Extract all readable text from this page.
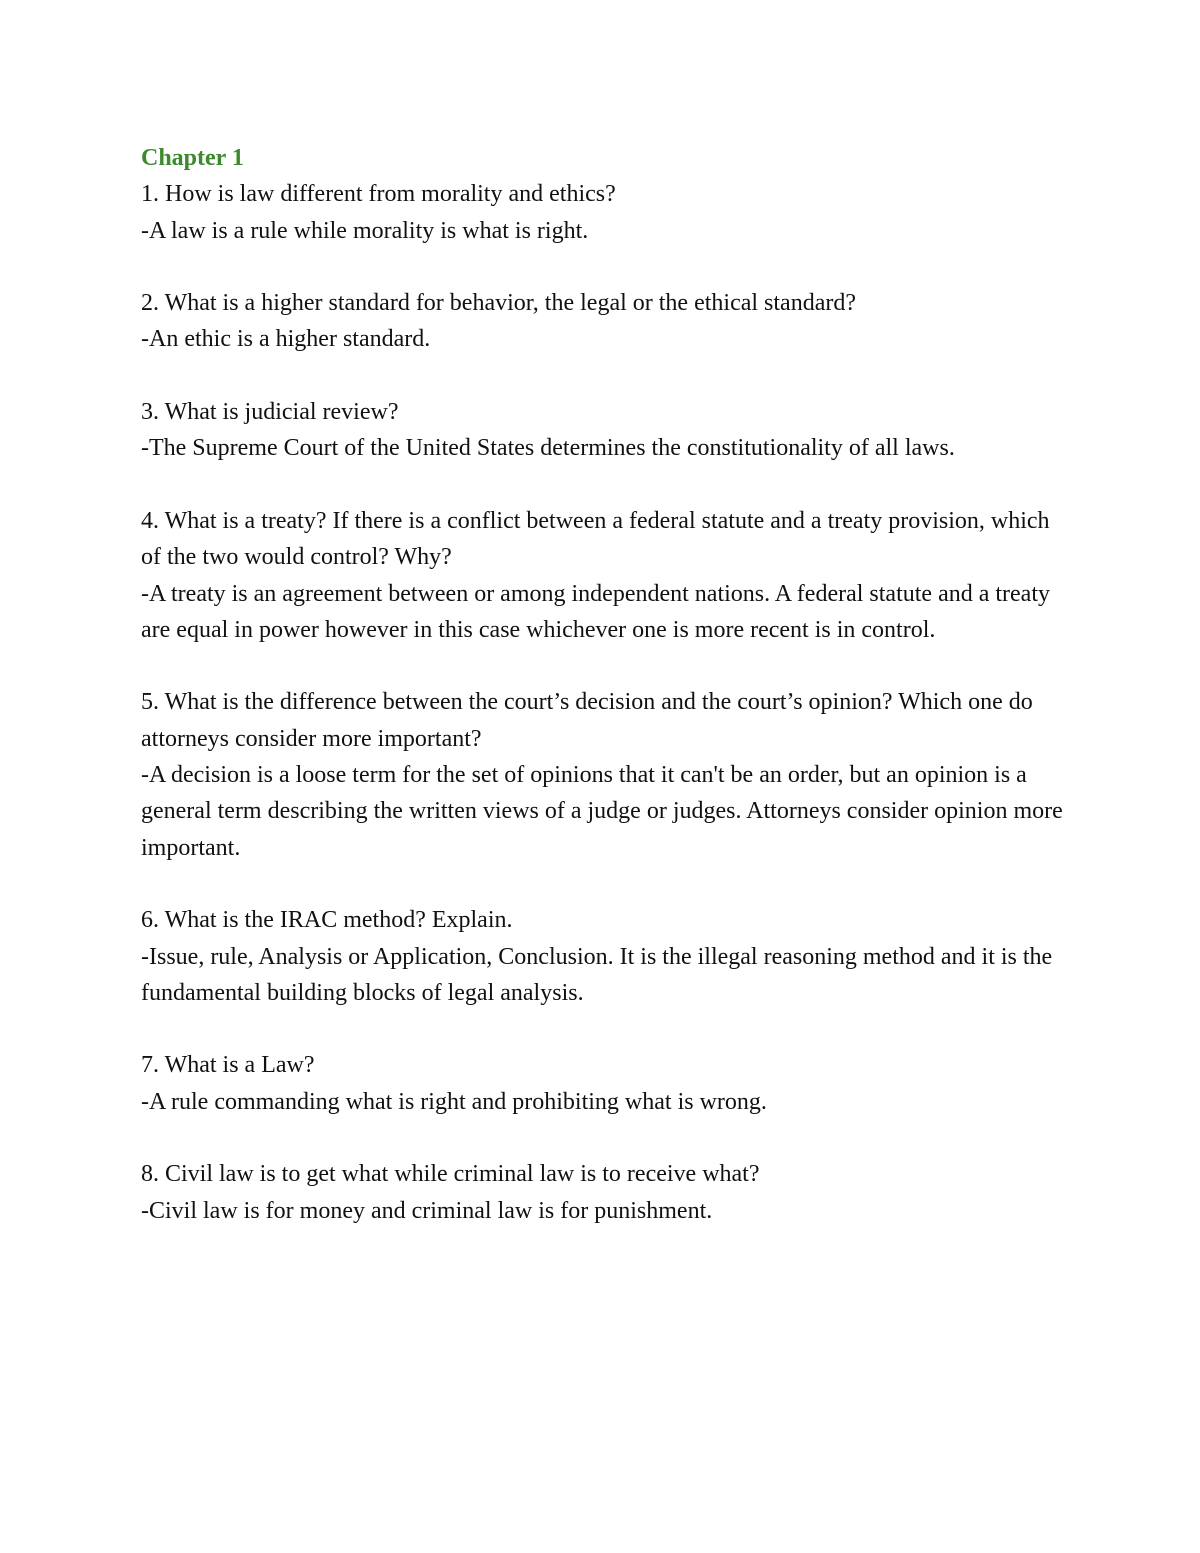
Chapter 1

1. How is law different from morality and ethics?

-A law is a rule while morality is what is right.

2. What is a higher standard for behavior, the legal or the ethical standard?

-An ethic is a higher standard.

3. What is judicial review?

-The Supreme Court of the United States determines the constitutionality of all laws.

4. What is a treaty? If there is a conflict between a federal statute and a treaty provision, which of the two would control? Why?

-A treaty is an agreement between or among independent nations. A federal statute and a treaty are equal in power however in this case whichever one is more recent is in control.

5. What is the difference between the court’s decision and the court’s opinion? Which one do attorneys consider more important?

-A decision is a loose term for the set of opinions that it can't be an order, but an opinion is a general term describing the written views of a judge or judges. Attorneys consider opinion more important.

6. What is the IRAC method? Explain.

-Issue, rule, Analysis or Application, Conclusion. It is the illegal reasoning method and it is the fundamental building blocks of legal analysis.

7. What is a Law?

-A rule commanding what is right and prohibiting what is wrong.

8. Civil law is to get what while criminal law is to receive what?

-Civil law is for money and criminal law is for punishment.
